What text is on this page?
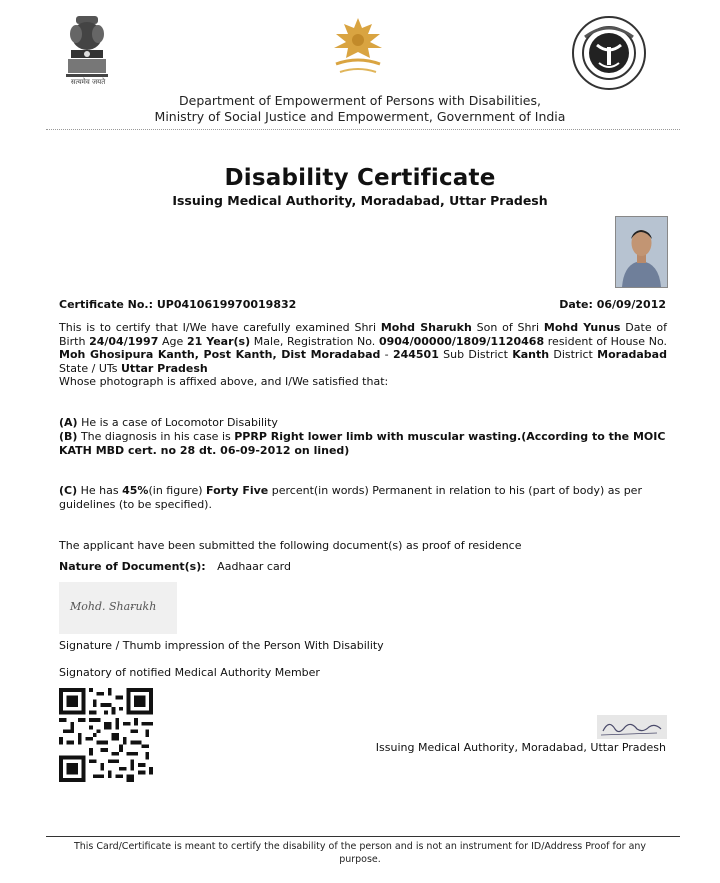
सत्यमेव जयते
Department of Empowerment of Persons with Disabilities,
Ministry of Social Justice and Empowerment, Government of India
Disability Certificate
Issuing Medical Authority, Moradabad, Uttar Pradesh
Certificate No.: UP0410619970019832	Date: 06/09/2012
This is to certify that I/We have carefully examined Shri Mohd Sharukh Son of Shri Mohd Yunus Date of Birth 24/04/1997 Age 21 Year(s) Male, Registration No. 0904/00000/1809/1120468 resident of House No. Moh Ghosipura Kanth, Post Kanth, Dist Moradabad - 244501 Sub District Kanth District Moradabad State / UTs Uttar Pradesh
Whose photograph is affixed above, and I/We satisfied that:
(A) He is a case of Locomotor Disability
(B) The diagnosis in his case is PPRP Right lower limb with muscular wasting.(According to the MOIC KATH MBD cert. no 28 dt. 06-09-2012 on lined)
(C) He has 45%(in figure) Forty Five percent(in words) Permanent in relation to his (part of body) as per guidelines (to be specified).
The applicant have been submitted the following document(s) as proof of residence
Nature of Document(s): Aadhaar card
Mohd. Shaɍukh
Signature / Thumb impression of the Person With Disability
Signatory of notified Medical Authority Member
Issuing Medical Authority, Moradabad, Uttar Pradesh
This Card/Certificate is meant to certify the disability of the person and is not an instrument for ID/Address Proof for any purpose.
